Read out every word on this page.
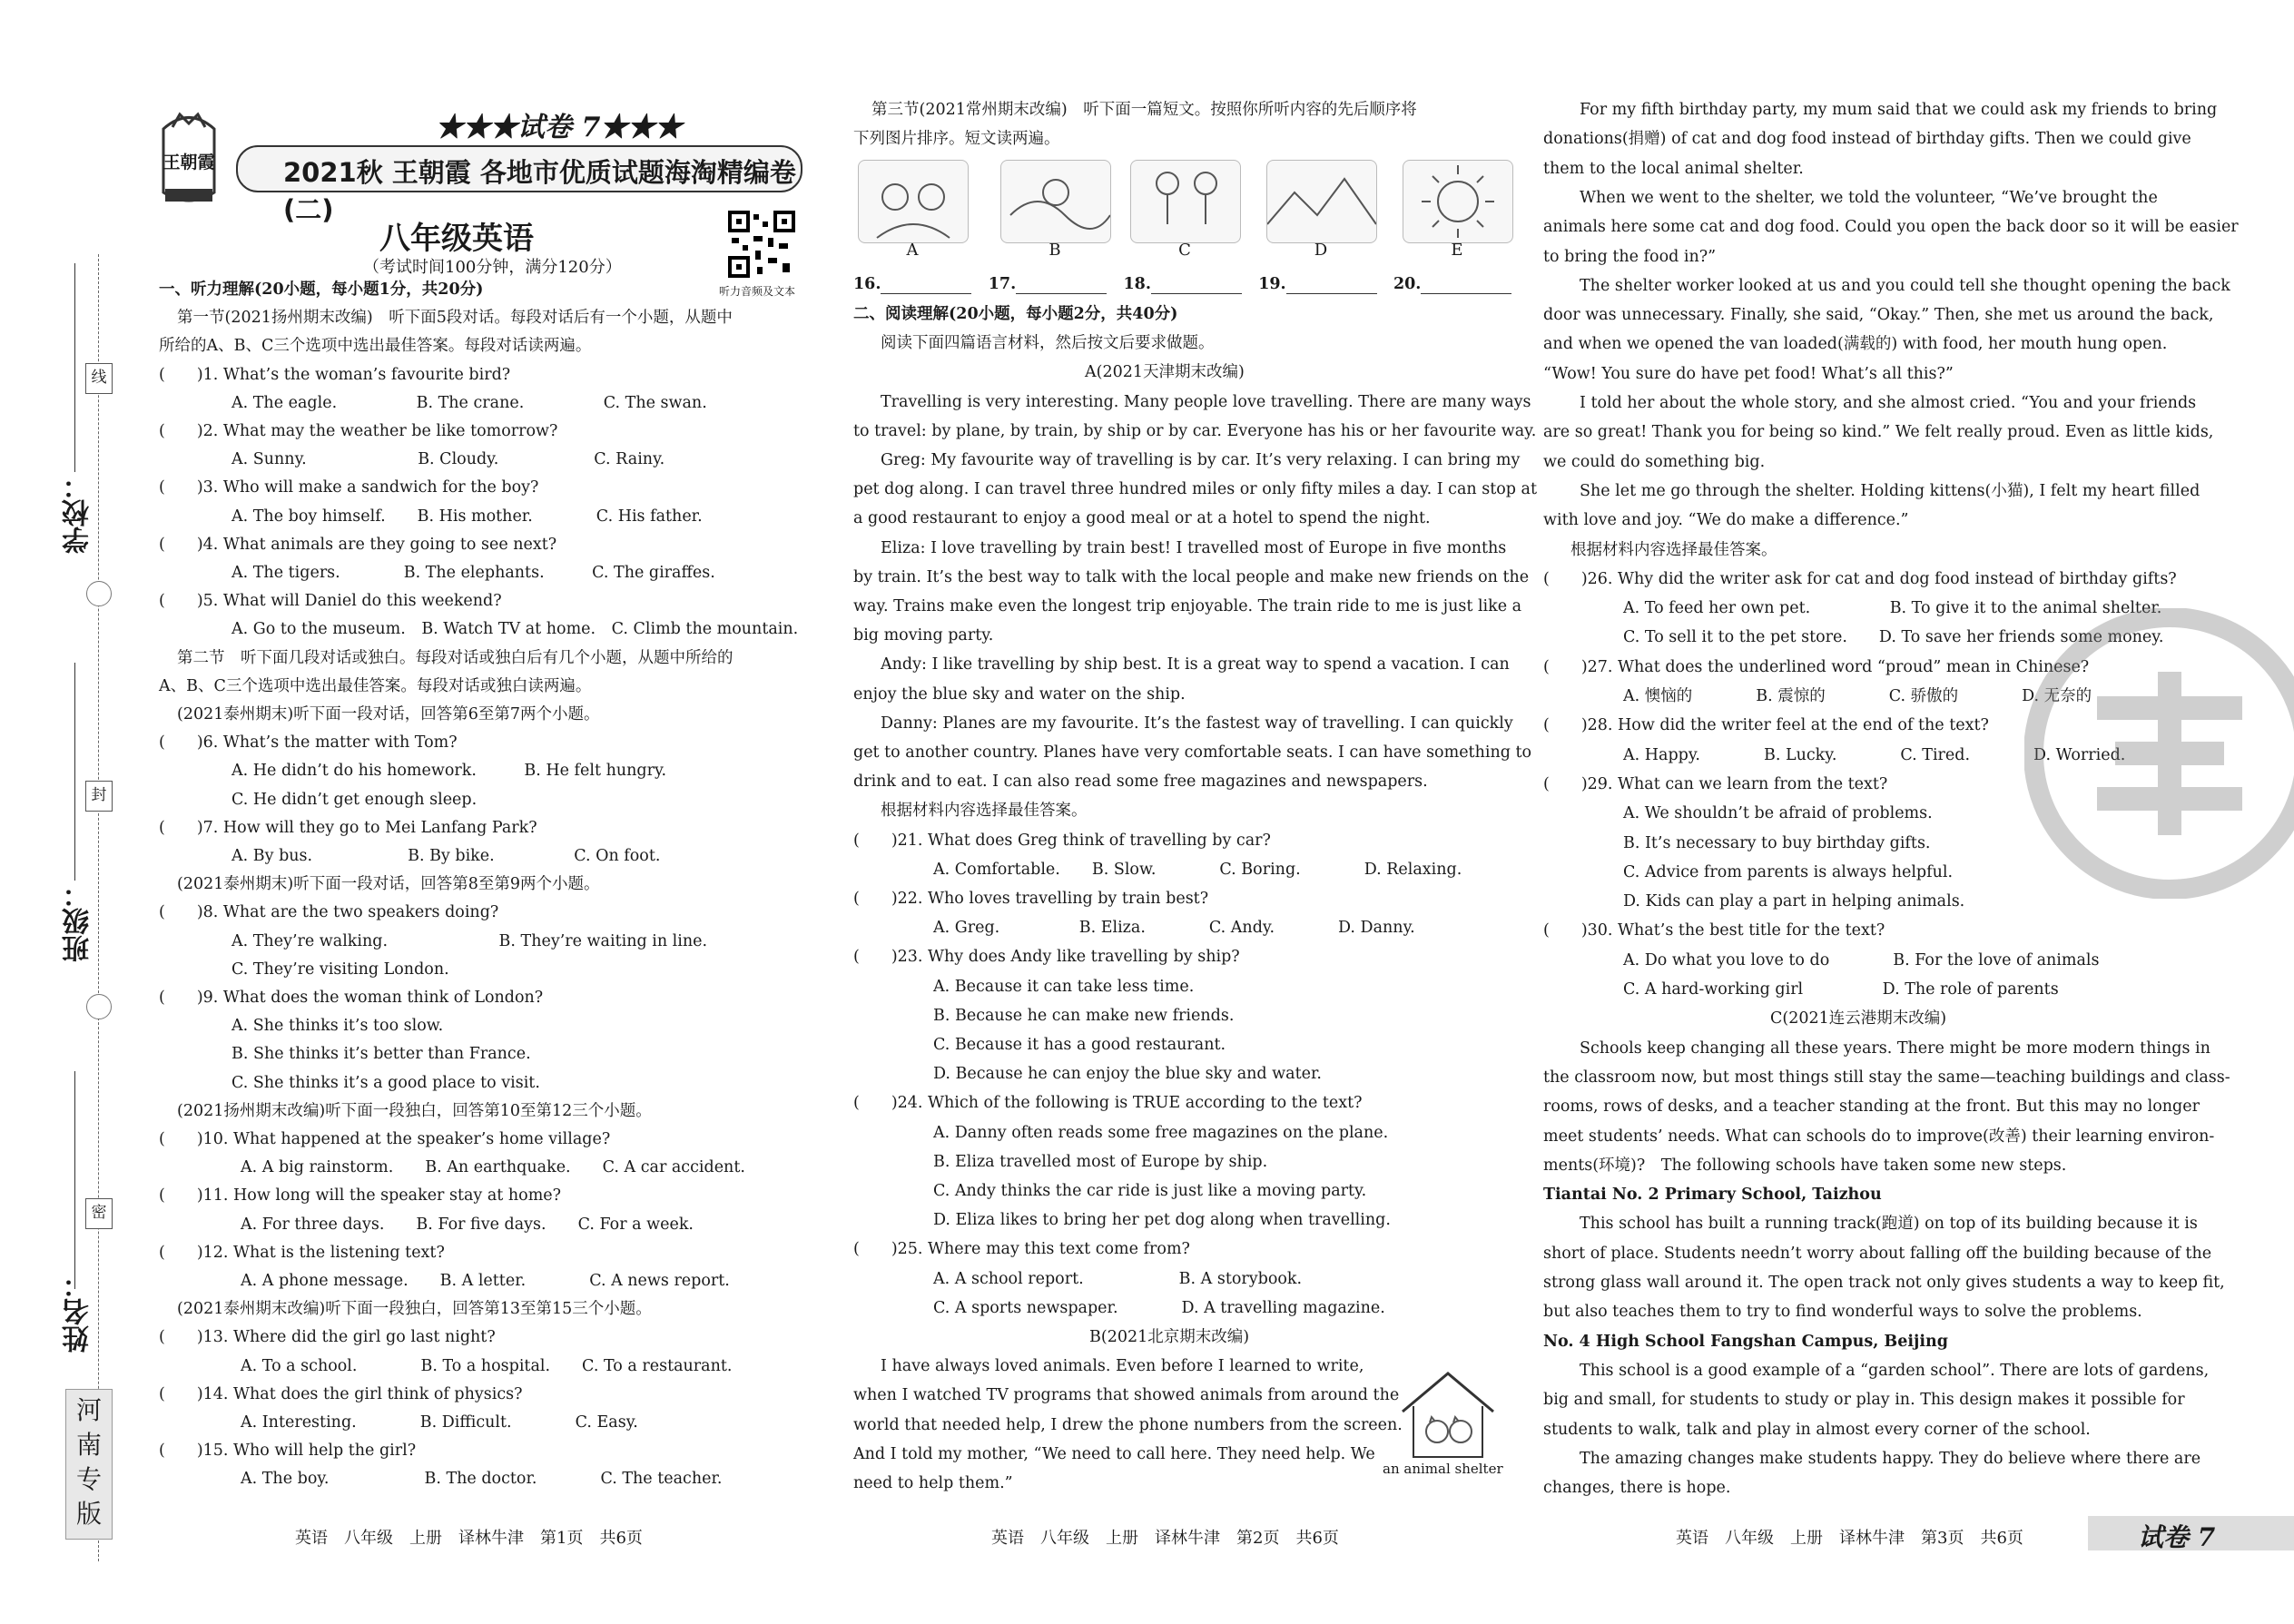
线
封
密
学校：
班级：
姓名：
河
南
专
版
王朝霞
★★★试卷 7★★★
2021秋 王朝霞 各地市优质试题海淘精编卷(二)
八年级英语
（考试时间100分钟，满分120分）
听力音频及文本
一、听力理解(20小题，每小题1分，共20分)
第一节(2021扬州期末改编)　听下面5段对话。每段对话后有一个小题，从题中
所给的A、B、C三个选项中选出最佳答案。每段对话读两遍。
(　　)1. What’s the woman’s favourite bird?
A. The eagle.　　　　　B. The crane.　　　　　C. The swan.
(　　)2. What may the weather be like tomorrow?
A. Sunny.　　　　　　　B. Cloudy.　　　　　　C. Rainy.
(　　)3. Who will make a sandwich for the boy?
A. The boy himself.　　B. His mother.　　　　C. His father.
(　　)4. What animals are they going to see next?
A. The tigers.　　　　B. The elephants.　　　C. The giraffes.
(　　)5. What will Daniel do this weekend?
A. Go to the museum.　B. Watch TV at home.　C. Climb the mountain.
第二节　听下面几段对话或独白。每段对话或独白后有几个小题，从题中所给的
A、B、C三个选项中选出最佳答案。每段对话或独白读两遍。
(2021泰州期末)听下面一段对话，回答第6至第7两个小题。
(　　)6. What’s the matter with Tom?
A. He didn’t do his homework.　　　B. He felt hungry.
C. He didn’t get enough sleep.
(　　)7. How will they go to Mei Lanfang Park?
A. By bus.　　　　　　B. By bike.　　　　　C. On foot.
(2021泰州期末)听下面一段对话，回答第8至第9两个小题。
(　　)8. What are the two speakers doing?
A. They’re walking.　　　　　　　B. They’re waiting in line.
C. They’re visiting London.
(　　)9. What does the woman think of London?
A. She thinks it’s too slow.
B. She thinks it’s better than France.
C. She thinks it’s a good place to visit.
(2021扬州期末改编)听下面一段独白，回答第10至第12三个小题。
(　　)10. What happened at the speaker’s home village?
A. A big rainstorm.　　B. An earthquake.　　C. A car accident.
(　　)11. How long will the speaker stay at home?
A. For three days.　　B. For five days.　　C. For a week.
(　　)12. What is the listening text?
A. A phone message.　　B. A letter.　　　　C. A news report.
(2021泰州期末改编)听下面一段独白，回答第13至第15三个小题。
(　　)13. Where did the girl go last night?
A. To a school.　　　　B. To a hospital.　　C. To a restaurant.
(　　)14. What does the girl think of physics?
A. Interesting.　　　　B. Difficult.　　　　C. Easy.
(　　)15. Who will help the girl?
A. The boy.　　　　　　B. The doctor.　　　　C. The teacher.
第三节(2021常州期末改编)　听下面一篇短文。按照你所听内容的先后顺序将
下列图片排序。短文读两遍。
A	B	C	D	E
16.	17.	18.	19.	20.
二、阅读理解(20小题，每小题2分，共40分)
阅读下面四篇语言材料，然后按文后要求做题。
A(2021天津期末改编)
Travelling is very interesting. Many people love travelling. There are many ways
to travel: by plane, by train, by ship or by car. Everyone has his or her favourite way.
Greg: My favourite way of travelling is by car. It’s very relaxing. I can bring my
pet dog along. I can travel three hundred miles or only fifty miles a day. I can stop at
a good restaurant to enjoy a good meal or at a hotel to spend the night.
Eliza: I love travelling by train best! I travelled most of Europe in five months
by train. It’s the best way to talk with the local people and make new friends on the
way. Trains make even the longest trip enjoyable. The train ride to me is just like a
big moving party.
Andy: I like travelling by ship best. It is a great way to spend a vacation. I can
enjoy the blue sky and water on the ship.
Danny: Planes are my favourite. It’s the fastest way of travelling. I can quickly
get to another country. Planes have very comfortable seats. I can have something to
drink and to eat. I can also read some free magazines and newspapers.
根据材料内容选择最佳答案。
(　　)21. What does Greg think of travelling by car?
A. Comfortable.　　B. Slow.　　　　C. Boring.　　　　D. Relaxing.
(　　)22. Who loves travelling by train best?
A. Greg.　　　　　B. Eliza.　　　　C. Andy.　　　　D. Danny.
(　　)23. Why does Andy like travelling by ship?
A. Because it can take less time.
B. Because he can make new friends.
C. Because it has a good restaurant.
D. Because he can enjoy the blue sky and water.
(　　)24. Which of the following is TRUE according to the text?
A. Danny often reads some free magazines on the plane.
B. Eliza travelled most of Europe by ship.
C. Andy thinks the car ride is just like a moving party.
D. Eliza likes to bring her pet dog along when travelling.
(　　)25. Where may this text come from?
A. A school report.　　　　　　B. A storybook.
C. A sports newspaper.　　　　D. A travelling magazine.
B(2021北京期末改编)
I have always loved animals. Even before I learned to write,
when I watched TV programs that showed animals from around the
world that needed help, I drew the phone numbers from the screen.
And I told my mother, “We need to call here. They need help. We
need to help them.”
an animal shelter
For my fifth birthday party, my mum said that we could ask my friends to bring
donations(捐赠) of cat and dog food instead of birthday gifts. Then we could give
them to the local animal shelter.
When we went to the shelter, we told the volunteer, “We’ve brought the
animals here some cat and dog food. Could you open the back door so it will be easier
to bring the food in?”
The shelter worker looked at us and you could tell she thought opening the back
door was unnecessary. Finally, she said, “Okay.” Then, she met us around the back,
and when we opened the van loaded(满载的) with food, her mouth hung open.
“Wow! You sure do have pet food! What’s all this?”
I told her about the whole story, and she almost cried. “You and your friends
are so great! Thank you for being so kind.” We felt really proud. Even as little kids,
we could do something big.
She let me go through the shelter. Holding kittens(小猫), I felt my heart filled
with love and joy. “We do make a difference.”
根据材料内容选择最佳答案。
(　　)26. Why did the writer ask for cat and dog food instead of birthday gifts?
A. To feed her own pet.　　　　　B. To give it to the animal shelter.
C. To sell it to the pet store.　　D. To save her friends some money.
(　　)27. What does the underlined word “proud” mean in Chinese?
A. 懊恼的　　　　B. 震惊的　　　　C. 骄傲的　　　　D. 无奈的
(　　)28. How did the writer feel at the end of the text?
A. Happy.　　　　B. Lucky.　　　　C. Tired.　　　　D. Worried.
(　　)29. What can we learn from the text?
A. We shouldn’t be afraid of problems.
B. It’s necessary to buy birthday gifts.
C. Advice from parents is always helpful.
D. Kids can play a part in helping animals.
(　　)30. What’s the best title for the text?
A. Do what you love to do　　　　B. For the love of animals
C. A hard-working girl　　　　　D. The role of parents
C(2021连云港期末改编)
Schools keep changing all these years. There might be more modern things in
the classroom now, but most things still stay the same—teaching buildings and class-
rooms, rows of desks, and a teacher standing at the front. But this may no longer
meet students’ needs. What can schools do to improve(改善) their learning environ-
ments(环境)?　The following schools have taken some new steps.
Tiantai No. 2 Primary School, Taizhou
This school has built a running track(跑道) on top of its building because it is
short of place. Students needn’t worry about falling off the building because of the
strong glass wall around it. The open track not only gives students a way to keep fit,
but also teaches them to try to find wonderful ways to solve the problems.
No. 4 High School Fangshan Campus, Beijing
This school is a good example of a “garden school”. There are lots of gardens,
big and small, for students to study or play in. This design makes it possible for
students to walk, talk and play in almost every corner of the school.
The amazing changes make students happy. They do believe where there are
changes, there is hope.
英语　八年级　上册　译林牛津　第1页　共6页	英语　八年级　上册　译林牛津　第2页　共6页	英语　八年级　上册　译林牛津　第3页　共6页	试卷 7
